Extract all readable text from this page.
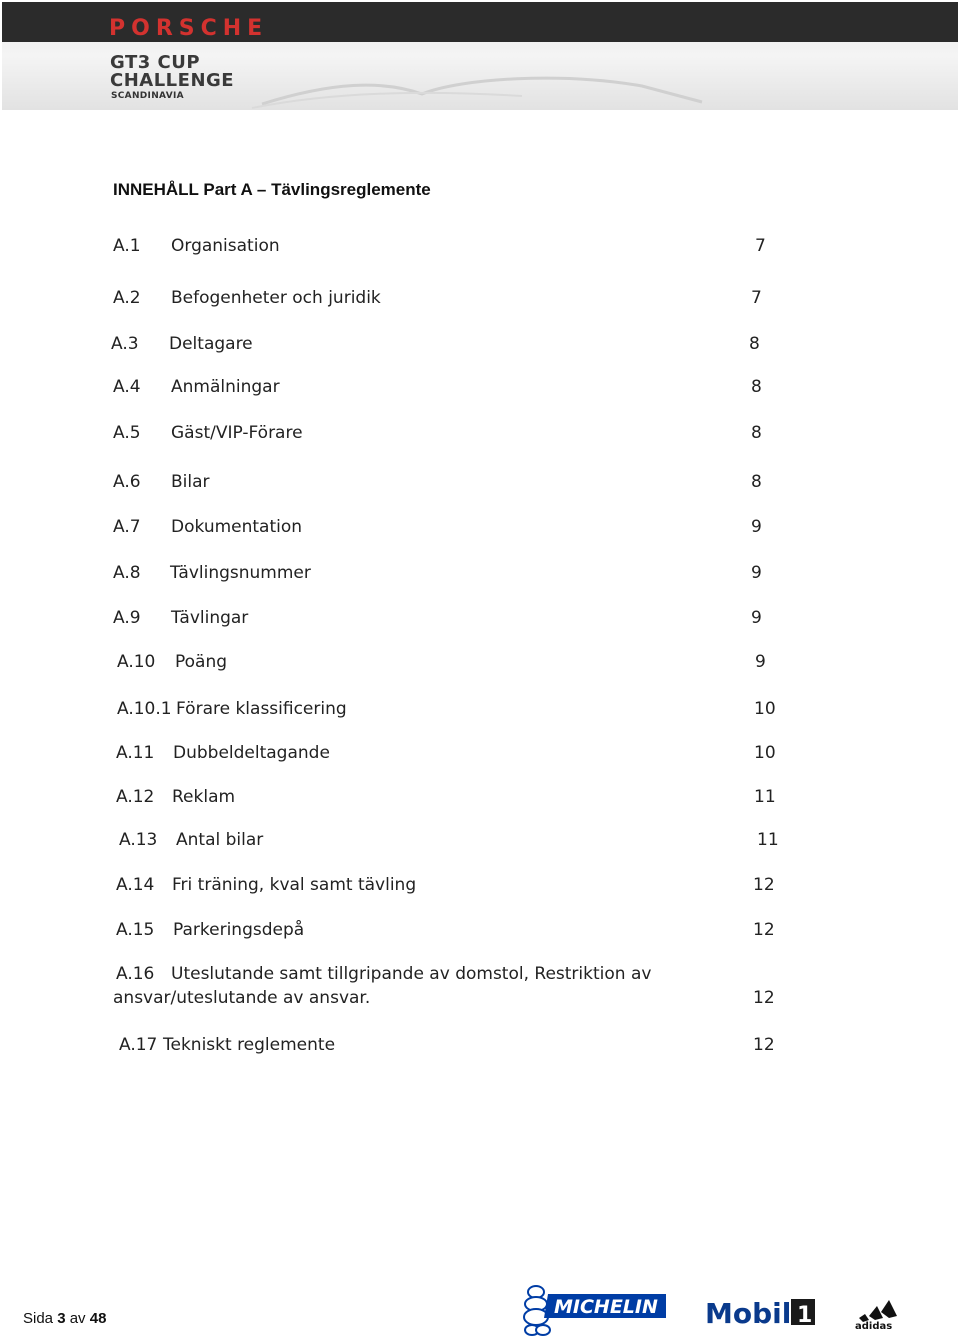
PORSCHE
GT3 CUP
CHALLENGE
SCANDINAVIA
INNEHÅLL Part A – Tävlingsreglemente
A.1 Organisation	7
A.2 Befogenheter och juridik	7
A.3 Deltagare	8
A.4 Anmälningar	8
A.5 Gäst/VIP-Förare	8
A.6 Bilar	8
A.7 Dokumentation	9
A.8 Tävlingsnummer	9
A.9 Tävlingar	9
A.10 Poäng	9
A.10.1 Förare klassificering	10
A.11 Dubbeldeltagande	10
A.12 Reklam	11
A.13 Antal bilar	11
A.14 Fri träning, kval samt tävling	12
A.15 Parkeringsdepå	12
A.16 Uteslutande samt tillgripande av domstol, Restriktion av
ansvar/uteslutande av ansvar.	12
A.17 Tekniskt reglemente	12
Sida 3 av 48
MICHELIN Mobil 1	adidas
